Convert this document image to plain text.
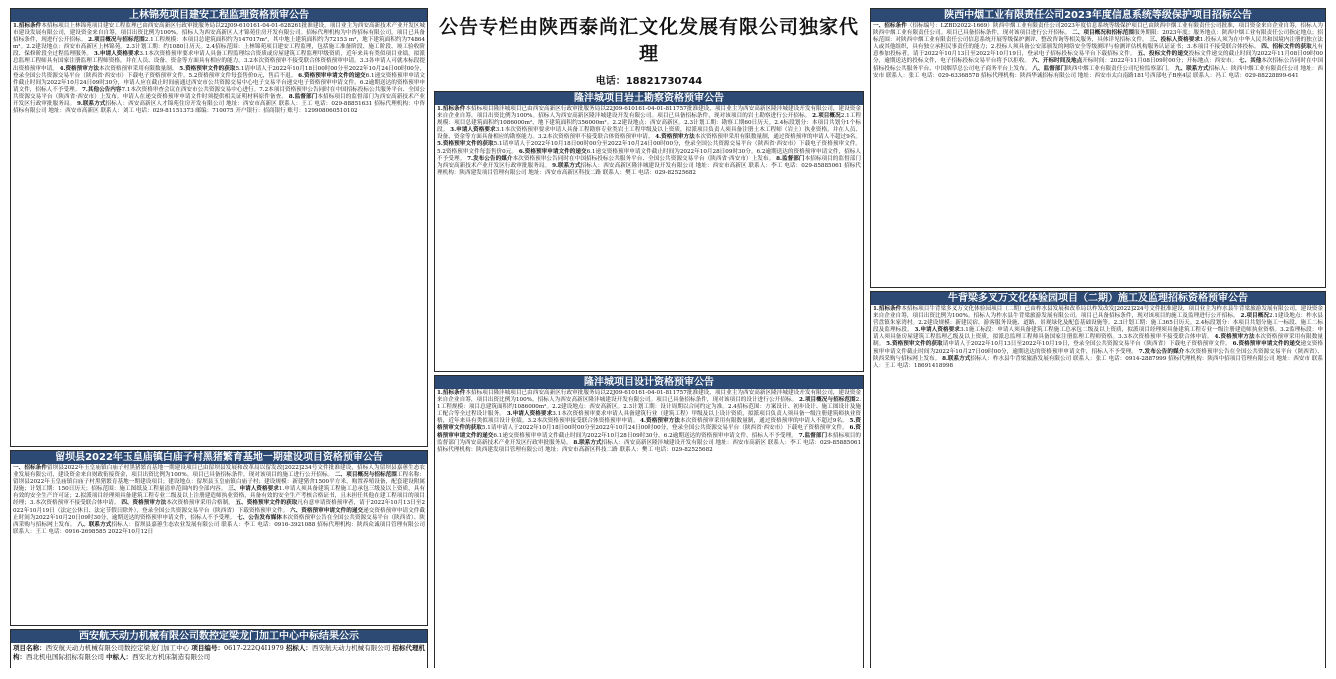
上林锦苑项目建安工程监理资格预审公告
1.招标条件本招标项目上林锦苑项目建安工程监理已由西安高新区行政审批服务局以22J09-610161-04-01-628261批准建设，项目业主为西安高新技术产业开发区城市建设发展有限公司，建设资金来自自筹，项目出资比例为100%。招标人为西安高新区人才锦苑住房开发有限公司。招标代理机构为中咨招标有限公司。项目已具备招标条件，现进行公开招标。 2.项目概况与招标范围2.1工程规模：本项目总建筑面积约为147017m²，其中地上建筑面积约为72153 m²，地下建筑面积约为74864 m²。2.2建设地点：西安市高新区上林锦苑。2.3计划工期：约1080日历天。2.4招标范围：上林锦苑项目建安工程监理，包括施工准备阶段、施工阶段、竣工验收阶段、保修阶段全过程监理服务。 3.申请人资格要求3.1本次资格预审要求申请人具备工程监理综合资质或房屋建筑工程监理甲级资质，近年来具有类似项目业绩，拟派总监理工程师具有国家注册监理工程师资格，并在人员、设备、资金等方面具有相应的能力。3.2本次资格预审不接受联合体资格预审申请。3.3各申请人可就本标段提出资格预审申请。 4.资格预审方法本次资格预审采用有限数量制。 5.资格预审文件的获取5.1请申请人于2022年10月18日00时00分至2022年10月24日00时00分，登录全国公共资源交易平台（陕西省·西安市）下载电子资格预审文件。5.2资格预审文件每套售价0元，售后不退。 6.资格预审申请文件的递交6.1递交资格预审申请文件截止时间为2022年10月24日09时30分，申请人应在截止时间前通过西安市公共资源交易中心电子交易平台递交电子资格预审申请文件。6.2逾期送达的资格预审申请文件，招标人不予受理。 7.其他公告内容7.1本次资格审查会议在西安市公共资源交易中心进行。7.2本项目资格预审公告同时在中国招标投标公共服务平台、全国公共资源交易平台（陕西省·西安市）上发布。申请人在递交资格预审申请文件时须提供相关证明材料原件备查。 8.监督部门本招标项目的监督部门为西安高新技术产业开发区行政审批服务局。 9.联系方式招标人：西安高新区人才锦苑住房开发有限公司 地址：西安市高新区 联系人：王工 电话：029-88851631 招标代理机构：中咨招标有限公司 地址：西安市高新区 联系人：刘工 电话：029-81151373 邮编：710075 开户银行：招商银行 账号：129908060510102
留坝县2022年玉皇庙镇白庙子村黑猪繁育基地一期建设项目资格预审公告
一、招标条件留坝县2022年玉皇庙镇白庙子村黑猪繁育基地一期建设项目已由留坝县发展和改革局以留发改[2022]234号文件批准建设，招标人为留坝县嘉蕙生态农业发展有限公司，建设资金来自财政衔接资金，项目出资比例为100%。项目已具备招标条件，现对该项目的施工进行公开招标。 二、项目概况与招标范围工程名称：留坝县2022年玉皇庙镇白庙子村黑猪繁育基地一期建设项目；建设地点：留坝县玉皇庙镇白庙子村；建设规模：新建猪舍1500平方米，购置养殖设备，配套建设附属设施；计划工期：150日历天；招标范围：施工图纸及工程量清单范围内的全部内容。 三、申请人资格要求1.申请人须具备建筑工程施工总承包三级及以上资质，具有有效的安全生产许可证；2.拟派项目经理须具备建筑工程专业二级及以上注册建造师执业资格，具备有效的安全生产考核合格证书，且未担任其他在建工程项目的项目经理；3.本次资格预审不接受联合体申请。 四、资格预审方法本次资格预审采用合格制。 五、资格预审文件的获取凡有意申请资格预审者，请于2022年10月13日至2022年10月19日（法定公休日、法定节假日除外），登录全国公共资源交易平台（陕西省）下载资格预审文件。 六、资格预审申请文件的递交递交资格预审申请文件截止时间为2022年10月20日09时30分，逾期送达的资格预审申请文件，招标人不予受理。 七、公告发布媒体本次资格预审公告在全国公共资源交易平台（陕西省）、陕西采购与招标网上发布。 八、联系方式招标人：留坝县嘉蕙生态农业发展有限公司 联系人：李工 电话：0916-3921088 招标代理机构：陕西众诚项目管理有限公司 联系人：王工 电话：0916-2698585 2022年10月12日
西安航天动力机械有限公司数控定梁龙门加工中心中标结果公示
项目名称：西安航天动力机械有限公司数控定梁龙门加工中心 项目编号：0617-222Q4I1979 招标人：西安航天动力机械有限公司 招标代理机构：西北机电国际招标有限公司 中标人：西安北方机床制造有限公司
公告专栏由陕西泰尚汇文化发展有限公司独家代理
电话：18821730744
隆沣城项目岩土勘察资格预审公告
1.招标条件本招标项目隆沣城项目已由西安高新区行政审批服务局以22J09-610161-04-01-811757批准建设，项目业主为西安高新区隆沣城建设开发有限公司，建设资金来自企业自筹，项目出资比例为100%。招标人为西安高新区隆沣城建设开发有限公司。项目已具备招标条件，现对该项目的岩土勘察进行公开招标。 2.项目概况2.1工程规模：项目总建筑面积约1086000m²，地下建筑面积约356000m²。2.2建设地点：西安高新区。2.3计划工期：勘察工期60日历天。2.4标段划分：本项目共划分1个标段。 3.申请人资格要求3.1本次资格预审要求申请人具备工程勘察专业类岩土工程甲级及以上资质，拟派项目负责人须具备注册土木工程师（岩土）执业资格，并在人员、设备、资金等方面具备相应的勘察能力。3.2本次资格预审不接受联合体资格预审申请。 4.资格预审方法本次资格预审采用有限数量制，通过资格预审的申请人不超过9名。 5.资格预审文件的获取5.1请申请人于2022年10月18日00时00分至2022年10月24日00时00分，登录全国公共资源交易平台（陕西省·西安市）下载电子资格预审文件。5.2资格预审文件每套售价0元。 6.资格预审申请文件的递交6.1递交资格预审申请文件截止时间为2022年10月28日09时30分。6.2逾期送达的资格预审申请文件，招标人不予受理。 7.发布公告的媒介本次资格预审公告同时在中国招标投标公共服务平台、全国公共资源交易平台（陕西省·西安市）上发布。 8.监督部门本招标项目的监督部门为西安高新技术产业开发区行政审批服务局。 9.联系方式招标人：西安高新区隆沣城建设开发有限公司 地址：西安市高新区 联系人：李工 电话：029-85885061 招标代理机构：陕西建发项目管理有限公司 地址：西安市高新区科技二路 联系人：樊工 电话：029-82525682
隆沣城项目设计资格预审公告
1.招标条件本招标项目隆沣城项目已由西安高新区行政审批服务局以22J09-610161-04-01-811757批准建设，项目业主为西安高新区隆沣城建设开发有限公司，建设资金来自企业自筹，项目出资比例为100%。招标人为西安高新区隆沣城建设开发有限公司。项目已具备招标条件，现对该项目的设计进行公开招标。 2.项目概况与招标范围2.1工程规模：项目总建筑面积约1086000m²。2.2建设地点：西安高新区。2.3计划工期：设计周期以合同约定为准。2.4招标范围：方案设计、初步设计、施工图设计及施工配合等全过程设计服务。 3.申请人资格要求3.1本次资格预审要求申请人具备建筑行业（建筑工程）甲级及以上设计资质，拟派项目负责人须具备一级注册建筑师执业资格，近年来具有类似项目设计业绩。3.2本次资格预审接受联合体资格预审申请。 4.资格预审方法本次资格预审采用有限数量制，通过资格预审的申请人不超过9名。 5.资格预审文件的获取5.1请申请人于2022年10月18日00时00分至2022年10月24日00时00分，登录全国公共资源交易平台（陕西省·西安市）下载电子资格预审文件。 6.资格预审申请文件的递交6.1递交资格预审申请文件截止时间为2022年10月28日09时30分。6.2逾期送达的资格预审申请文件，招标人不予受理。 7.监督部门本招标项目的监督部门为西安高新技术产业开发区行政审批服务局。 8.联系方式招标人：西安高新区隆沣城建设开发有限公司 地址：西安市高新区 联系人：李工 电话：029-85885061 招标代理机构：陕西建发项目管理有限公司 地址：西安市高新区科技二路 联系人：樊工 电话：029-82525682
陕西中烟工业有限责任公司2023年度信息系统等级保护项目招标公告
一、招标条件（招标编号：LZBD2022-1669）陕西中烟工业有限责任公司2023年度信息系统等级保护项目已由陕西中烟工业有限责任公司批准，项目资金来自企业自筹，招标人为陕西中烟工业有限责任公司。项目已具备招标条件，现对该项目进行公开招标。 二、项目概况和招标范围服务期限：2023年度；服务地点：陕西中烟工业有限责任公司指定地点；招标范围：对陕西中烟工业有限责任公司信息系统开展等级保护测评、整改咨询等相关服务，具体详见招标文件。 三、投标人资格要求1.投标人须为在中华人民共和国境内注册的独立法人或其他组织，具有独立承担民事责任的能力；2.投标人须具备公安部颁发的网络安全等级测评与检测评估机构服务认证证书；3.本项目不接受联合体投标。 四、招标文件的获取凡有意参加投标者，请于2022年10月13日至2022年10月19日，登录电子招标投标交易平台下载招标文件。 五、投标文件的递交投标文件递交的截止时间为2022年11月08日09时00分，逾期送达的投标文件，电子招标投标交易平台将予以拒收。 六、开标时间及地点开标时间：2022年11月08日09时00分；开标地点：西安市。 七、其他本次招标公告同时在中国招标投标公共服务平台、中国烟草总公司电子商务平台上发布。 八、监督部门陕西中烟工业有限责任公司纪检监察部门。 九、联系方式招标人：陕西中烟工业有限责任公司 地址：西安市 联系人：张工 电话：029-63368578 招标代理机构：陕西华诚招标有限公司 地址：西安市太白南路181号西部电子B座4层 联系人：冯工 电话：029-88228899-641
牛背梁多叉万文化体验园项目（二期）施工及监理招标资格预审公告
1.招标条件本招标项目牛背梁多叉万文化体验园项目（二期）已由柞水县发展和改革局以柞发改发[2022]224号文件批准建设，项目业主为柞水县牛背梁旅游发展有限公司，建设资金来自企业自筹，项目出资比例为100%。招标人为柞水县牛背梁旅游发展有限公司。项目已具备招标条件，现对该项目的施工及监理进行公开招标。 2.项目概况2.1建设地点：柞水县营盘镇朱家湾村。2.2建设规模：新建民宿、游客服务设施、道路、景观绿化及配套基础设施等。2.3计划工期：施工365日历天。2.4标段划分：本项目共划分施工一标段、施工二标段及监理标段。 3.申请人资格要求3.1施工标段：申请人须具备建筑工程施工总承包二级及以上资质，拟派项目经理须具备建筑工程专业一级注册建造师执业资格。3.2监理标段：申请人须具备房屋建筑工程监理乙级及以上资质，拟派总监理工程师具备国家注册监理工程师资格。3.3本次资格预审不接受联合体申请。 4.资格预审方法本次资格预审采用有限数量制。 5.资格预审文件的获取请申请人于2022年10月13日至2022年10月19日，登录全国公共资源交易平台（陕西省）下载电子资格预审文件。 6.资格预审申请文件的递交递交资格预审申请文件截止时间为2022年10月27日09时00分，逾期送达的资格预审申请文件，招标人不予受理。 7.发布公告的媒介本次资格预审公告在全国公共资源交易平台（陕西省）、陕西采购与招标网上发布。 8.联系方式招标人：柞水县牛背梁旅游发展有限公司 联系人：张工 电话：0914-2887999 招标代理机构：陕西中招项目管理有限公司 地址：西安市 联系人：王工 电话：18691418998
